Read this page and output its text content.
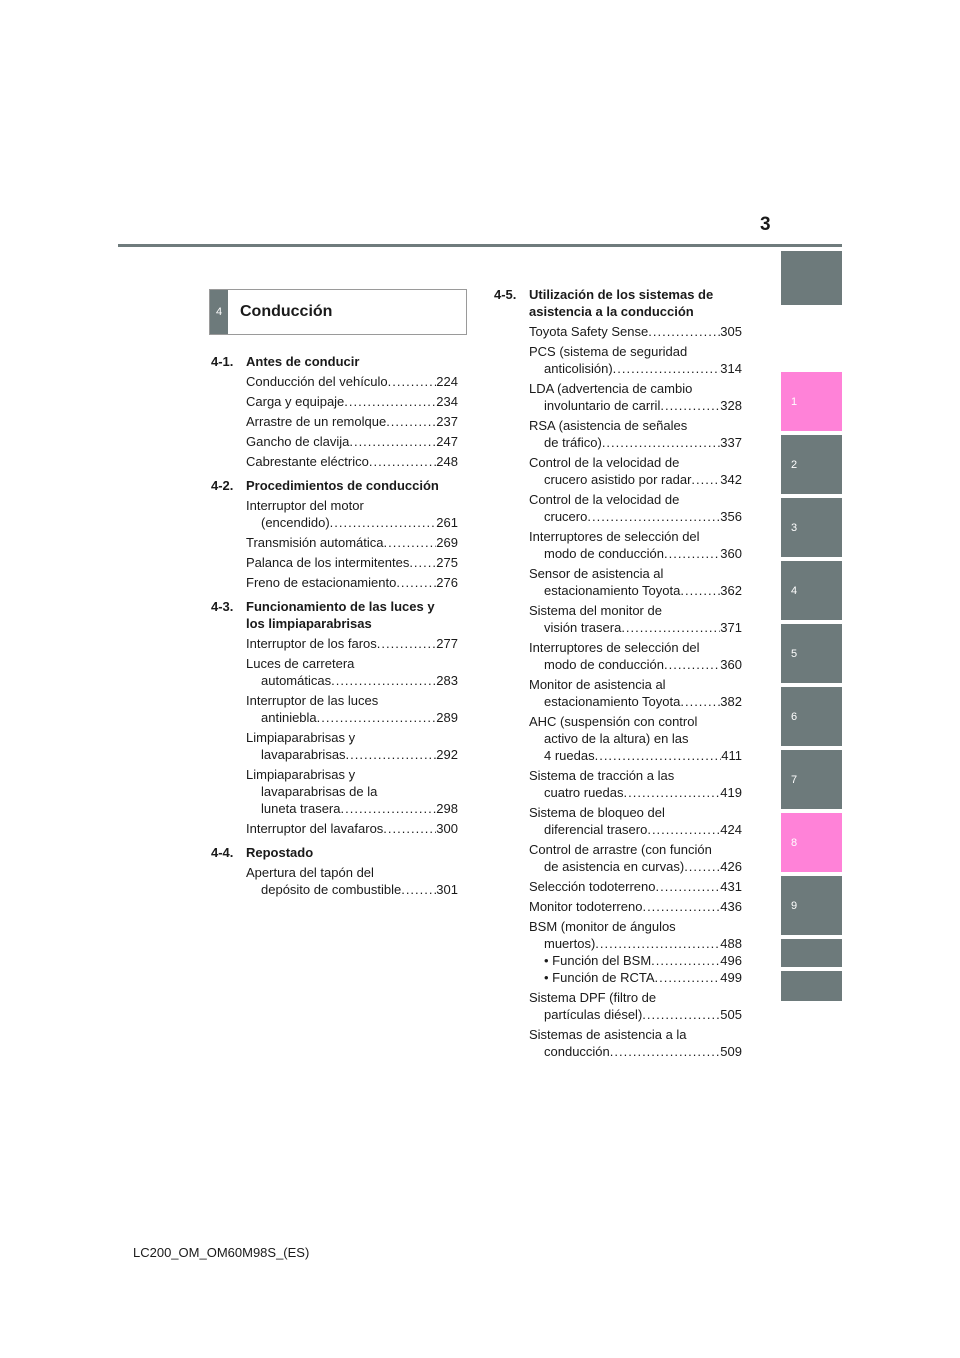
3
1
2
3
4
5
6
7
8
9
4	Conducción
4-1. Antes de conducir
Conducción del vehículo .....	224
Carga y equipaje .....	234
Arrastre de un remolque .....	237
Gancho de clavija .....	247
Cabrestante eléctrico .....	248
4-2. Procedimientos de conducción
Interruptor del motor
(encendido) .....	261
Transmisión automática .....	269
Palanca de los intermitentes ..... 275
Freno de estacionamiento .....	276
4-3. Funcionamiento de las luces y
los limpiaparabrisas
Interruptor de los faros .....	277
Luces de carretera
automáticas .....	283
Interruptor de las luces
antiniebla .....	289
Limpiaparabrisas y
lavaparabrisas .....	292
Limpiaparabrisas y
lavaparabrisas de la
luneta trasera .....	298
Interruptor del lavafaros .....	300
4-4. Repostado
Apertura del tapón del
depósito de combustible .....	301
4-5. Utilización de los sistemas de
asistencia a la conducción
Toyota Safety Sense .....	305
PCS (sistema de seguridad
anticolisión) .....	314
LDA (advertencia de cambio
involuntario de carril .....	328
RSA (asistencia de señales
de tráfico) .....	337
Control de la velocidad de
crucero asistido por radar ..... 342
Control de la velocidad de
crucero .....	356
Interruptores de selección del
modo de conducción .....	360
Sensor de asistencia al
estacionamiento Toyota .....	362
Sistema del monitor de
visión trasera .....	371
Interruptores de selección del
modo de conducción .....	360
Monitor de asistencia al
estacionamiento Toyota .....	382
AHC (suspensión con control
activo de la altura) en las
4 ruedas .....	411
Sistema de tracción a las
cuatro ruedas .....	419
Sistema de bloqueo del
diferencial trasero .....	424
Control de arrastre (con función
de asistencia en curvas) .....	426
Selección todoterreno .....	431
Monitor todoterreno .....	436
BSM (monitor de ángulos
muertos) .....	488
• Función del BSM .....	496
• Función de RCTA .....	499
Sistema DPF (filtro de
partículas diésel) .....	505
Sistemas de asistencia a la
conducción .....	509
LC200_OM_OM60M98S_(ES)
